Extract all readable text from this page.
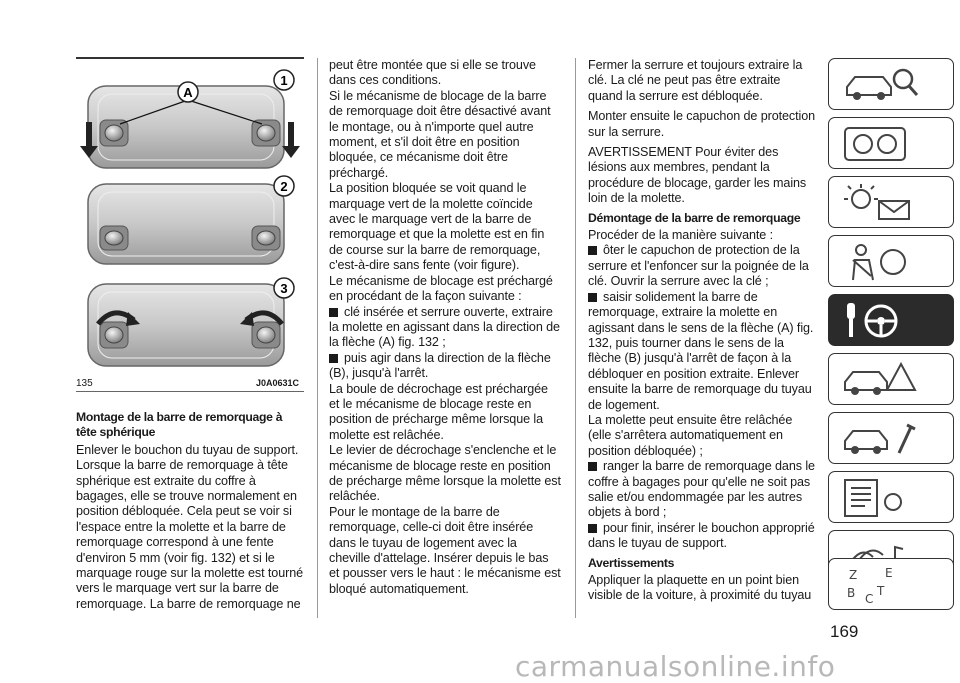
A
1
2
3
135	J0A0631C
Montage de la barre de remorquage à tête sphérique

Enlever le bouchon du tuyau de support. Lorsque la barre de remorquage à tête sphérique est extraite du coffre à bagages, elle se trouve normalement en position débloquée. Cela peut se voir si l'espace entre la molette et la barre de remorquage correspond à une fente d'environ 5 mm (voir fig. 132) et si le marquage rouge sur la molette est tourné vers le marquage vert sur la barre de remorquage. La barre de remorquage ne

peut être montée que si elle se trouve dans ces conditions.

Si le mécanisme de blocage de la barre de remorquage doit être désactivé avant le montage, ou à n'importe quel autre moment, et s'il doit être en position bloquée, ce mécanisme doit être préchargé.

La position bloquée se voit quand le marquage vert de la molette coïncide avec le marquage vert de la barre de remorquage et que la molette est en fin de course sur la barre de remorquage, c'est-à-dire sans fente (voir figure).

Le mécanisme de blocage est préchargé en procédant de la façon suivante :

clé insérée et serrure ouverte, extraire la molette en agissant dans la direction de la flèche (A) fig. 132 ;

puis agir dans la direction de la flèche (B), jusqu'à l'arrêt.

La boule de décrochage est préchargée et le mécanisme de blocage reste en position de précharge même lorsque la molette est relâchée.

Le levier de décrochage s'enclenche et le mécanisme de blocage reste en position de précharge même lorsque la molette est relâchée.

Pour le montage de la barre de remorquage, celle-ci doit être insérée dans le tuyau de logement avec la cheville d'attelage. Insérer depuis le bas et pousser vers le haut : le mécanisme est bloqué automatiquement.

Fermer la serrure et toujours extraire la clé. La clé ne peut pas être extraite quand la serrure est débloquée.

Monter ensuite le capuchon de protection sur la serrure.

AVERTISSEMENT Pour éviter des lésions aux membres, pendant la procédure de blocage, garder les mains loin de la molette.

Démontage de la barre de remorquage

Procéder de la manière suivante :

ôter le capuchon de protection de la serrure et l'enfoncer sur la poignée de la clé. Ouvrir la serrure avec la clé ;

saisir solidement la barre de remorquage, extraire la molette en agissant dans le sens de la flèche (A) fig. 132, puis tourner dans le sens de la flèche (B) jusqu'à l'arrêt de façon à la débloquer en position extraite. Enlever ensuite la barre de remorquage du tuyau de logement.

La molette peut ensuite être relâchée (elle s'arrêtera automatiquement en position débloquée) ;

ranger la barre de remorquage dans le coffre à bagages pour qu'elle ne soit pas salie et/ou endommagée par les autres objets à bord ;

pour finir, insérer le bouchon approprié dans le tuyau de support.

Avertissements

Appliquer la plaquette en un point bien visible de la voiture, à proximité du tuyau

Z E
B C
T
169
carmanualsonline.info
